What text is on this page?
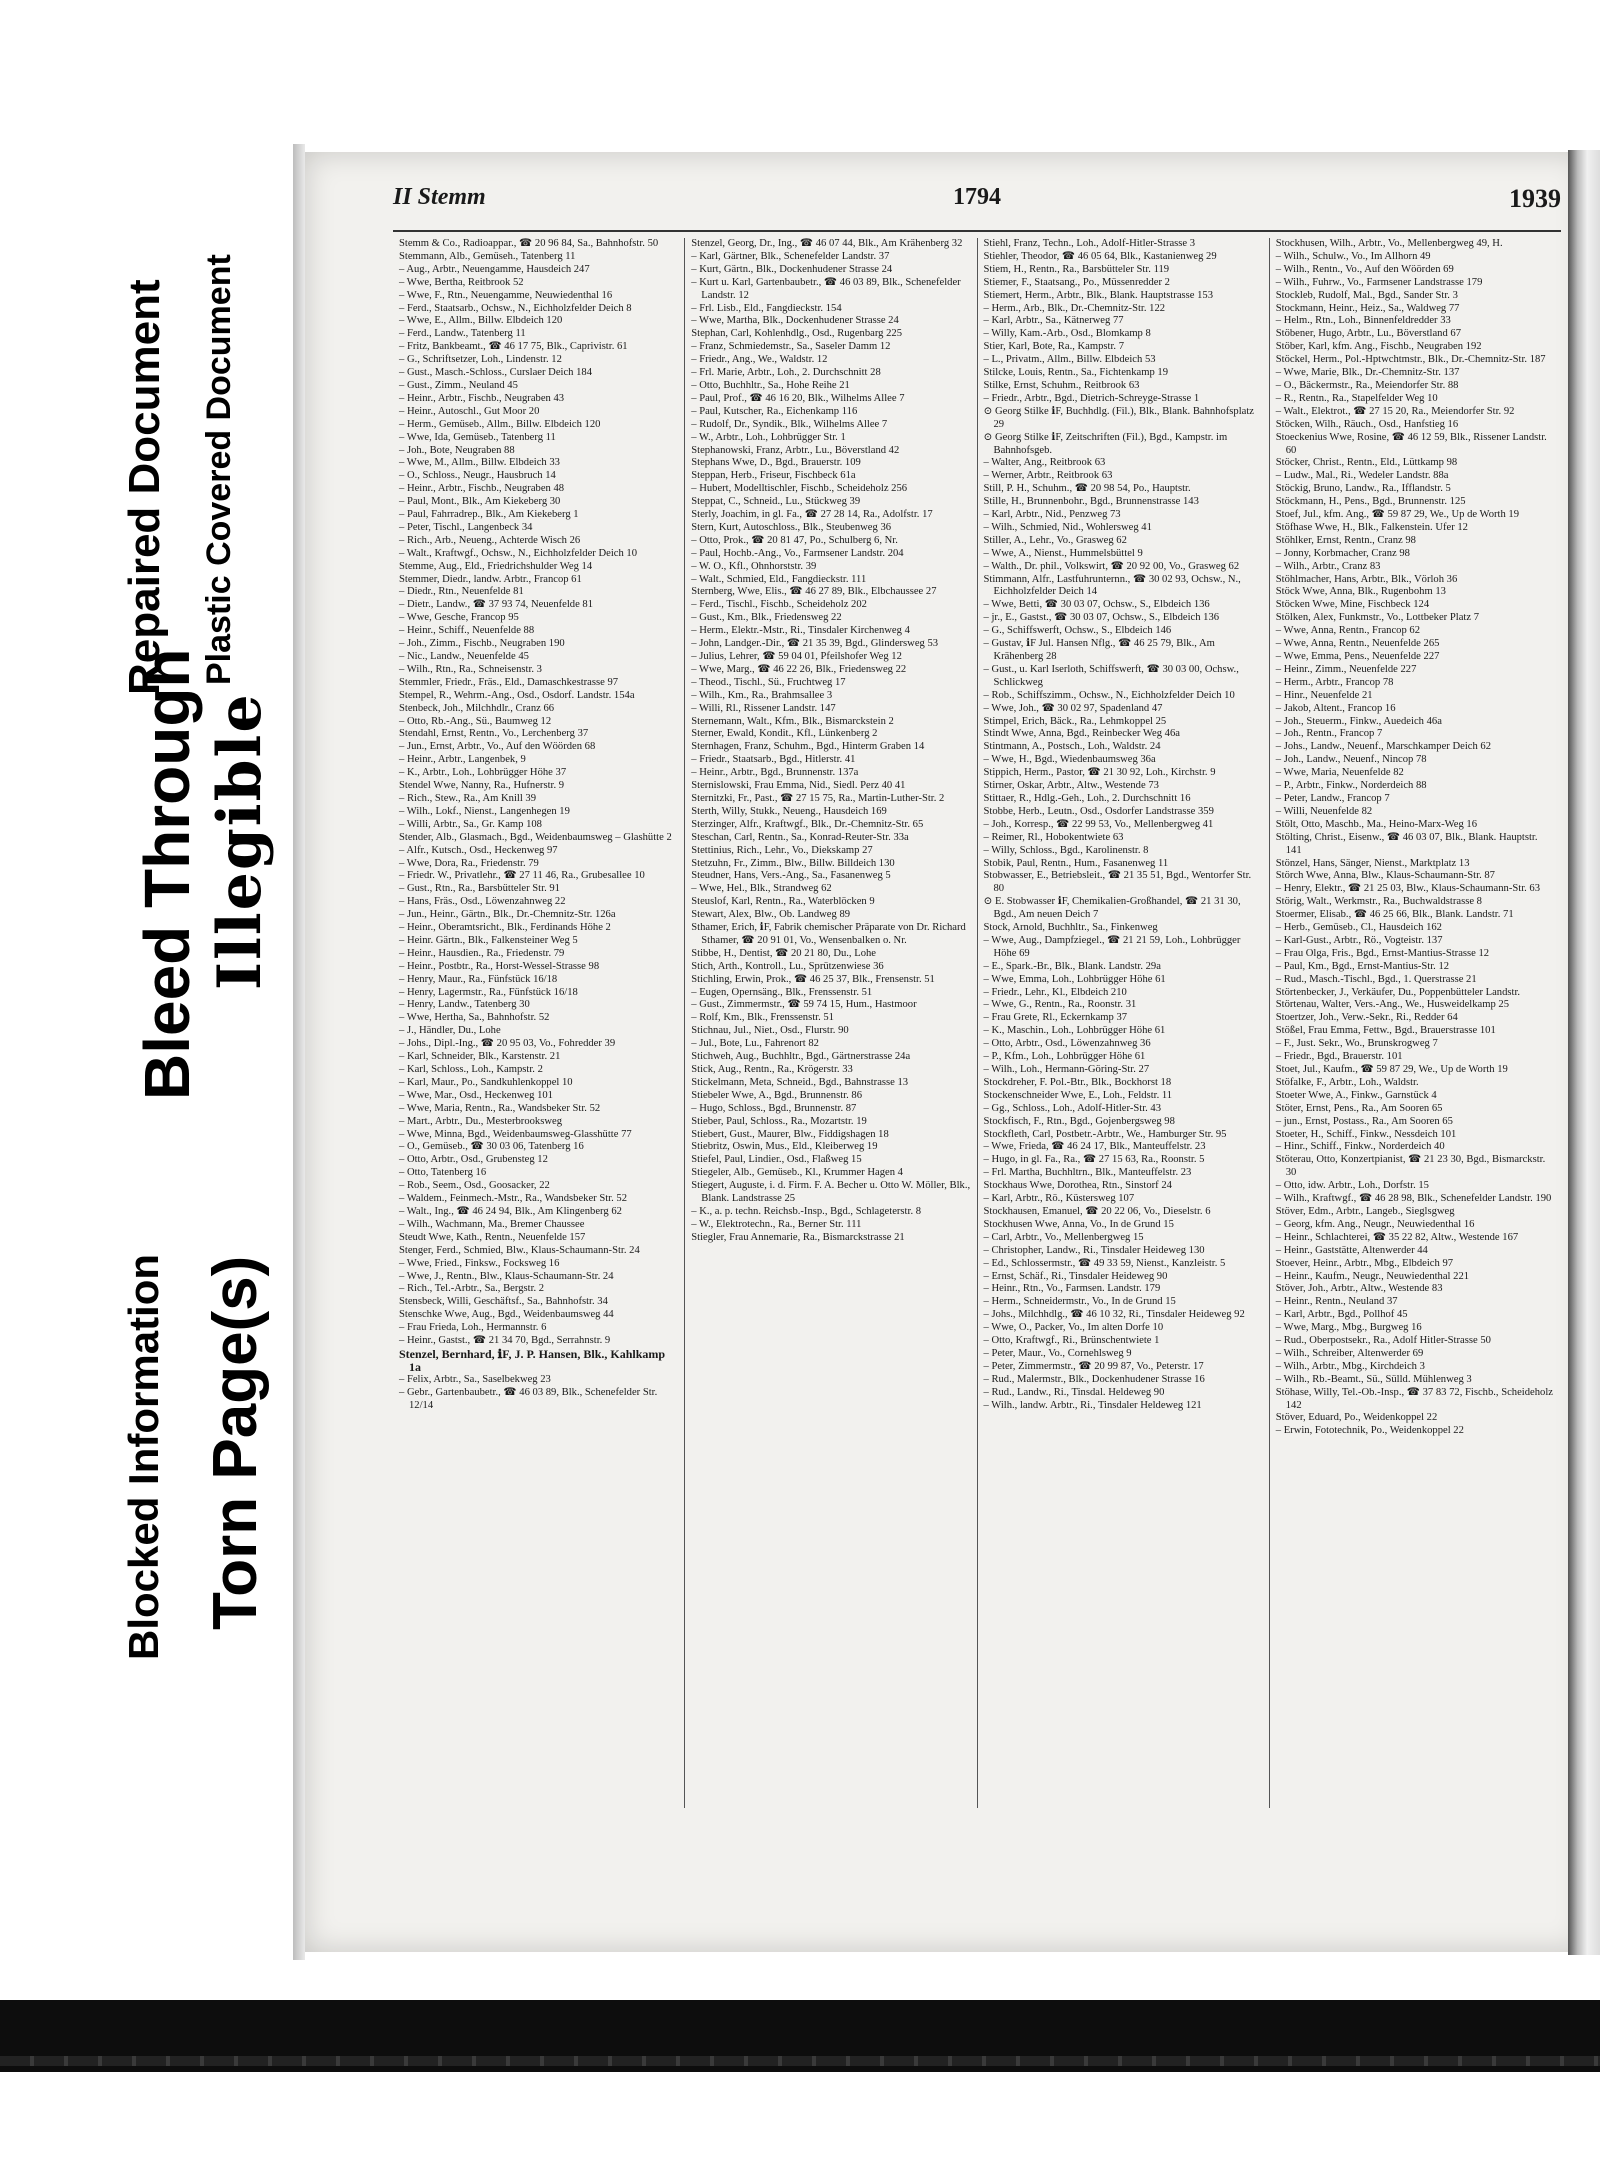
Blocked Information Torn Page(s)
Bleed Through Illegible
Repaired Document Plastic Covered Document
II Stemm	1794	1939

Stemm & Co., Radioappar., ☎ 20 96 84, Sa., Bahnhofstr. 50

Stemmann, Alb., Gemüseh., Tatenberg 11

– Aug., Arbtr., Neuengamme, Hausdeich 247

– Wwe, Bertha, Reitbrook 52

– Wwe, F., Rtn., Neuengamme, Neuwiedenthal 16

– Ferd., Staatsarb., Ochsw., N., Eichholzfelder Deich 8

– Wwe, E., Allm., Billw. Elbdeich 120

– Ferd., Landw., Tatenberg 11

– Fritz, Bankbeamt., ☎ 46 17 75, Blk., Caprivistr. 61

– G., Schriftsetzer, Loh., Lindenstr. 12

– Gust., Masch.-Schloss., Curslaer Deich 184

– Gust., Zimm., Neuland 45

– Heinr., Arbtr., Fischb., Neugraben 43

– Heinr., Autoschl., Gut Moor 20

– Herm., Gemüseb., Allm., Billw. Elbdeich 120

– Wwe, Ida, Gemüseb., Tatenberg 11

– Joh., Bote, Neugraben 88

– Wwe, M., Allm., Billw. Elbdeich 33

– O., Schloss., Neugr., Hausbruch 14

– Heinr., Arbtr., Fischb., Neugraben 48

– Paul, Mont., Blk., Am Kiekeberg 30

– Paul, Fahrradrep., Blk., Am Kiekeberg 1

– Peter, Tischl., Langenbeck 34

– Rich., Arb., Neueng., Achterde Wisch 26

– Walt., Kraftwgf., Ochsw., N., Eichholzfelder Deich 10

Stemme, Aug., Eld., Friedrichshulder Weg 14

Stemmer, Diedr., landw. Arbtr., Francop 61

– Diedr., Rtn., Neuenfelde 81

– Dietr., Landw., ☎ 37 93 74, Neuenfelde 81

– Wwe, Gesche, Francop 95

– Heinr., Schiff., Neuenfelde 88

– Joh., Zimm., Fischb., Neugraben 190

– Nic., Landw., Neuenfelde 45

– Wilh., Rtn., Ra., Schneisenstr. 3

Stemmler, Friedr., Fräs., Eld., Damaschkestrasse 97

Stempel, R., Wehrm.-Ang., Osd., Osdorf. Landstr. 154a

Stenbeck, Joh., Milchhdlr., Cranz 66

– Otto, Rb.-Ang., Sü., Baumweg 12

Stendahl, Ernst, Rentn., Vo., Lerchenberg 37

– Jun., Ernst, Arbtr., Vo., Auf den Wöörden 68

– Heinr., Arbtr., Langenbek, 9

– K., Arbtr., Loh., Lohbrügger Höhe 37

Stendel Wwe, Nanny, Ra., Hufnerstr. 9

– Rich., Stew., Ra., Am Knill 39

– Wilh., Lokf., Nienst., Langenhegen 19

– Willi, Arbtr., Sa., Gr. Kamp 108

Stender, Alb., Glasmach., Bgd., Weidenbaumsweg – Glashütte 2

– Alfr., Kutsch., Osd., Heckenweg 97

– Wwe, Dora, Ra., Friedenstr. 79

– Friedr. W., Privatlehr., ☎ 27 11 46, Ra., Grubesallee 10

– Gust., Rtn., Ra., Barsbütteler Str. 91

– Hans, Fräs., Osd., Löwenzahnweg 22

– Jun., Heinr., Gärtn., Blk., Dr.-Chemnitz-Str. 126a

– Heinr., Oberamtsricht., Blk., Ferdinands Höhe 2

– Heinr. Gärtn., Blk., Falkensteiner Weg 5

– Heinr., Hausdien., Ra., Friedenstr. 79

– Heinr., Postbtr., Ra., Horst-Wessel-Strasse 98

– Henry, Maur., Ra., Fünfstück 16/18

– Henry, Lagermstr., Ra., Fünfstück 16/18

– Henry, Landw., Tatenberg 30

– Wwe, Hertha, Sa., Bahnhofstr. 52

– J., Händler, Du., Lohe

– Johs., Dipl.-Ing., ☎ 20 95 03, Vo., Fohredder 39

– Karl, Schneider, Blk., Karstenstr. 21

– Karl, Schloss., Loh., Kampstr. 2

– Karl, Maur., Po., Sandkuhlenkoppel 10

– Wwe, Mar., Osd., Heckenweg 101

– Wwe, Maria, Rentn., Ra., Wandsbeker Str. 52

– Mart., Arbtr., Du., Mesterbrooksweg

– Wwe, Minna, Bgd., Weidenbaumsweg-Glasshütte 77

– O., Gemüseb., ☎ 30 03 06, Tatenberg 16

– Otto, Arbtr., Osd., Grubensteg 12

– Otto, Tatenberg 16

– Rob., Seem., Osd., Goosacker, 22

– Waldem., Feinmech.-Mstr., Ra., Wandsbeker Str. 52

– Walt., Ing., ☎ 46 24 94, Blk., Am Klingenberg 62

– Wilh., Wachmann, Ma., Bremer Chaussee

Steudt Wwe, Kath., Rentn., Neuenfelde 157

Stenger, Ferd., Schmied, Blw., Klaus-Schaumann-Str. 24

– Wwe, Fried., Finksw., Focksweg 16

– Wwe, J., Rentn., Blw., Klaus-Schaumann-Str. 24

– Rich., Tel.-Arbtr., Sa., Bergstr. 2

Stensbeck, Willi, Geschäftsf., Sa., Bahnhofstr. 34

Stenschke Wwe, Aug., Bgd., Weidenbaumsweg 44

– Frau Frieda, Loh., Hermannstr. 6

– Heinr., Gastst., ☎ 21 34 70, Bgd., Serrahnstr. 9

Stenzel, Bernhard, ℹF, J. P. Hansen, Blk., Kahlkamp 1a

– Felix, Arbtr., Sa., Saselbekweg 23

– Gebr., Gartenbaubetr., ☎ 46 03 89, Blk., Schenefelder Str. 12/14

Stenzel, Georg, Dr., Ing., ☎ 46 07 44, Blk., Am Krähenberg 32

– Karl, Gärtner, Blk., Schenefelder Landstr. 37

– Kurt, Gärtn., Blk., Dockenhudener Strasse 24

– Kurt u. Karl, Gartenbaubetr., ☎ 46 03 89, Blk., Schenefelder Landstr. 12

– Frl. Lisb., Eld., Fangdieckstr. 154

– Wwe, Martha, Blk., Dockenhudener Strasse 24

Stephan, Carl, Kohlenhdlg., Osd., Rugenbarg 225

– Franz, Schmiedemstr., Sa., Saseler Damm 12

– Friedr., Ang., We., Waldstr. 12

– Frl. Marie, Arbtr., Loh., 2. Durchschnitt 28

– Otto, Buchhltr., Sa., Hohe Reihe 21

– Paul, Prof., ☎ 46 16 20, Blk., Wilhelms Allee 7

– Paul, Kutscher, Ra., Eichenkamp 116

– Rudolf, Dr., Syndik., Blk., Wilhelms Allee 7

– W., Arbtr., Loh., Lohbrügger Str. 1

Stephanowski, Franz, Arbtr., Lu., Böverstland 42

Stephans Wwe, D., Bgd., Brauerstr. 109

Steppan, Herb., Friseur, Fischbeck 61a

– Hubert, Modelltischler, Fischb., Scheideholz 256

Steppat, C., Schneid., Lu., Stückweg 39

Sterly, Joachim, in gl. Fa., ☎ 27 28 14, Ra., Adolfstr. 17

Stern, Kurt, Autoschloss., Blk., Steubenweg 36

– Otto, Prok., ☎ 20 81 47, Po., Schulberg 6, Nr.

– Paul, Hochb.-Ang., Vo., Farmsener Landstr. 204

– W. O., Kfl., Ohnhorststr. 39

– Walt., Schmied, Eld., Fangdieckstr. 111

Sternberg, Wwe, Elis., ☎ 46 27 89, Blk., Elbchaussee 27

– Ferd., Tischl., Fischb., Scheideholz 202

– Gust., Km., Blk., Friedensweg 22

– Herm., Elektr.-Mstr., Ri., Tinsdaler Kirchenweg 4

– John, Landger.-Dir., ☎ 21 35 39, Bgd., Glindersweg 53

– Julius, Lehrer, ☎ 59 04 01, Pfeilshofer Weg 12

– Wwe, Marg., ☎ 46 22 26, Blk., Friedensweg 22

– Theod., Tischl., Sü., Fruchtweg 17

– Wilh., Km., Ra., Brahmsallee 3

– Willi, Rl., Rissener Landstr. 147

Sternemann, Walt., Kfm., Blk., Bismarckstein 2

Sterner, Ewald, Kondit., Kfl., Lünkenberg 2

Sternhagen, Franz, Schuhm., Bgd., Hinterm Graben 14

– Friedr., Staatsarb., Bgd., Hitlerstr. 41

– Heinr., Arbtr., Bgd., Brunnenstr. 137a

Sternislowski, Frau Emma, Nid., Siedl. Perz 40 41

Sternitzki, Fr., Past., ☎ 27 15 75, Ra., Martin-Luther-Str. 2

Sterth, Willy, Stukk., Neueng., Hausdeich 169

Sterzinger, Alfr., Kraftwgf., Blk., Dr.-Chemnitz-Str. 65

Steschan, Carl, Rentn., Sa., Konrad-Reuter-Str. 33a

Stettinius, Rich., Lehr., Vo., Diekskamp 27

Stetzuhn, Fr., Zimm., Blw., Billw. Billdeich 130

Steudner, Hans, Vers.-Ang., Sa., Fasanenweg 5

– Wwe, Hel., Blk., Strandweg 62

Steuslof, Karl, Rentn., Ra., Waterblöcken 9

Stewart, Alex, Blw., Ob. Landweg 89

Sthamer, Erich, ℹF, Fabrik chemischer Präparate von Dr. Richard Sthamer, ☎ 20 91 01, Vo., Wensenbalken o. Nr.

Stibbe, H., Dentist, ☎ 20 21 80, Du., Lohe

Stich, Arth., Kontroll., Lu., Sprützenwiese 36

Stichling, Erwin, Prok., ☎ 46 25 37, Blk., Frensenstr. 51

– Eugen, Opernsäng., Blk., Frenssenstr. 51

– Gust., Zimmermstr., ☎ 59 74 15, Hum., Hastmoor

– Rolf, Km., Blk., Frenssenstr. 51

Stichnau, Jul., Niet., Osd., Flurstr. 90

– Jul., Bote, Lu., Fahrenort 82

Stichweh, Aug., Buchhltr., Bgd., Gärtnerstrasse 24a

Stick, Aug., Rentn., Ra., Krögerstr. 33

Stickelmann, Meta, Schneid., Bgd., Bahnstrasse 13

Stiebeler Wwe, A., Bgd., Brunnenstr. 86

– Hugo, Schloss., Bgd., Brunnenstr. 87

Stieber, Paul, Schloss., Ra., Mozartstr. 19

Stiebert, Gust., Maurer, Blw., Fiddigshagen 18

Stiebritz, Oswin, Mus., Eld., Kleiberweg 19

Stiefel, Paul, Lindier., Osd., Flaßweg 15

Stiegeler, Alb., Gemüseb., Kl., Krummer Hagen 4

Stiegert, Auguste, i. d. Firm. F. A. Becher u. Otto W. Möller, Blk., Blank. Landstrasse 25

– K., a. p. techn. Reichsb.-Insp., Bgd., Schlageterstr. 8

– W., Elektrotechn., Ra., Berner Str. 111

Stiegler, Frau Annemarie, Ra., Bismarckstrasse 21

Stiehl, Franz, Techn., Loh., Adolf-Hitler-Strasse 3

Stiehler, Theodor, ☎ 46 05 64, Blk., Kastanienweg 29

Stiem, H., Rentn., Ra., Barsbütteler Str. 119

Stiemer, F., Staatsang., Po., Müssenredder 2

Stiemert, Herm., Arbtr., Blk., Blank. Hauptstrasse 153

– Herm., Arb., Blk., Dr.-Chemnitz-Str. 122

– Karl, Arbtr., Sa., Kätnerweg 77

– Willy, Kam.-Arb., Osd., Blomkamp 8

Stier, Karl, Bote, Ra., Kampstr. 7

– L., Privatm., Allm., Billw. Elbdeich 53

Stilcke, Louis, Rentn., Sa., Fichtenkamp 19

Stilke, Ernst, Schuhm., Reitbrook 63

– Friedr., Arbtr., Bgd., Dietrich-Schreyge-Strasse 1

⊙ Georg Stilke ℹF, Buchhdlg. (Fil.), Blk., Blank. Bahnhofsplatz 29

⊙ Georg Stilke ℹF, Zeitschriften (Fil.), Bgd., Kampstr. im Bahnhofsgeb.

– Walter, Ang., Reitbrook 63

– Werner, Arbtr., Reitbrook 63

Still, P. H., Schuhm., ☎ 20 98 54, Po., Hauptstr.

Stille, H., Brunnenbohr., Bgd., Brunnenstrasse 143

– Karl, Arbtr., Nid., Penzweg 73

– Wilh., Schmied, Nid., Wohlersweg 41

Stiller, A., Lehr., Vo., Grasweg 62

– Wwe, A., Nienst., Hummelsbüttel 9

– Walth., Dr. phil., Volkswirt, ☎ 20 92 00, Vo., Grasweg 62

Stimmann, Alfr., Lastfuhrunternn., ☎ 30 02 93, Ochsw., N., Eichholzfelder Deich 14

– Wwe, Betti, ☎ 30 03 07, Ochsw., S., Elbdeich 136

– jr., E., Gastst., ☎ 30 03 07, Ochsw., S., Elbdeich 136

– G., Schiffswerft, Ochsw., S., Elbdeich 146

– Gustav, ℹF Jul. Hansen Nflg., ☎ 46 25 79, Blk., Am Krähenberg 28

– Gust., u. Karl Iserloth, Schiffswerft, ☎ 30 03 00, Ochsw., Schlickweg

– Rob., Schiffszimm., Ochsw., N., Eichholzfelder Deich 10

– Wwe, Joh., ☎ 30 02 97, Spadenland 47

Stimpel, Erich, Bäck., Ra., Lehmkoppel 25

Stindt Wwe, Anna, Bgd., Reinbecker Weg 46a

Stintmann, A., Postsch., Loh., Waldstr. 24

– Wwe, H., Bgd., Wiedenbaumsweg 36a

Stippich, Herm., Pastor, ☎ 21 30 92, Loh., Kirchstr. 9

Stirner, Oskar, Arbtr., Altw., Westende 73

Stittaer, R., Hdlg.-Geh., Loh., 2. Durchschnitt 16

Stobbe, Herb., Leutn., Osd., Osdorfer Landstrasse 359

– Joh., Korresp., ☎ 22 99 53, Vo., Mellenbergweg 41

– Reimer, Rl., Hobokentwiete 63

– Willy, Schloss., Bgd., Karolinenstr. 8

Stobik, Paul, Rentn., Hum., Fasanenweg 11

Stobwasser, E., Betriebsleit., ☎ 21 35 51, Bgd., Wentorfer Str. 80

⊙ E. Stobwasser ℹF, Chemikalien-Großhandel, ☎ 21 31 30, Bgd., Am neuen Deich 7

Stock, Arnold, Buchhltr., Sa., Finkenweg

– Wwe, Aug., Dampfziegel., ☎ 21 21 59, Loh., Lohbrügger Höhe 69

– E., Spark.-Br., Blk., Blank. Landstr. 29a

– Wwe, Emma, Loh., Lohbrügger Höhe 61

– Friedr., Lehr., Kl., Elbdeich 210

– Wwe, G., Rentn., Ra., Roonstr. 31

– Frau Grete, Rl., Eckernkamp 37

– K., Maschin., Loh., Lohbrügger Höhe 61

– Otto, Arbtr., Osd., Löwenzahnweg 36

– P., Kfm., Loh., Lohbrügger Höhe 61

– Wilh., Loh., Hermann-Göring-Str. 27

Stockdreher, F. Pol.-Btr., Blk., Bockhorst 18

Stockenschneider Wwe, E., Loh., Feldstr. 11

– Gg., Schloss., Loh., Adolf-Hitler-Str. 43

Stockfisch, F., Rtn., Bgd., Gojenbergsweg 98

Stockfleth, Carl, Postbetr.-Arbtr., We., Hamburger Str. 95

– Wwe, Frieda, ☎ 46 24 17, Blk., Manteuffelstr. 23

– Hugo, in gl. Fa., Ra., ☎ 27 15 63, Ra., Roonstr. 5

– Frl. Martha, Buchhltrn., Blk., Manteuffelstr. 23

Stockhaus Wwe, Dorothea, Rtn., Sinstorf 24

– Karl, Arbtr., Rö., Küstersweg 107

Stockhausen, Emanuel, ☎ 20 22 06, Vo., Dieselstr. 6

Stockhusen Wwe, Anna, Vo., In de Grund 15

– Carl, Arbtr., Vo., Mellenbergweg 15

– Christopher, Landw., Ri., Tinsdaler Heideweg 130

– Ed., Schlossermstr., ☎ 49 33 59, Nienst., Kanzleistr. 5

– Ernst, Schäf., Ri., Tinsdaler Heideweg 90

– Heinr., Rtn., Vo., Farmsen. Landstr. 179

– Herm., Schneidermstr., Vo., In de Grund 15

– Johs., Milchhdlg., ☎ 46 10 32, Ri., Tinsdaler Heideweg 92

– Wwe, O., Packer, Vo., Im alten Dorfe 10

– Otto, Kraftwgf., Ri., Brünschentwiete 1

– Peter, Maur., Vo., Cornehlsweg 9

– Peter, Zimmermstr., ☎ 20 99 87, Vo., Peterstr. 17

– Rud., Malermstr., Blk., Dockenhudener Strasse 16

– Rud., Landw., Ri., Tinsdal. Heldeweg 90

– Wilh., landw. Arbtr., Ri., Tinsdaler Heldeweg 121

Stockhusen, Wilh., Arbtr., Vo., Mellenbergweg 49, H.

– Wilh., Schulw., Vo., Im Allhorn 49

– Wilh., Rentn., Vo., Auf den Wöörden 69

– Wilh., Fuhrw., Vo., Farmsener Landstrasse 179

Stockleb, Rudolf, Mal., Bgd., Sander Str. 3

Stockmann, Heinr., Heiz., Sa., Waldweg 77

– Helm., Rtn., Loh., Binnenfeldredder 33

Stöbener, Hugo, Arbtr., Lu., Böverstland 67

Stöber, Karl, kfm. Ang., Fischb., Neugraben 192

Stöckel, Herm., Pol.-Hptwchtmstr., Blk., Dr.-Chemnitz-Str. 187

– Wwe, Marie, Blk., Dr.-Chemnitz-Str. 137

– O., Bäckermstr., Ra., Meiendorfer Str. 88

– R., Rentn., Ra., Stapelfelder Weg 10

– Walt., Elektrot., ☎ 27 15 20, Ra., Meiendorfer Str. 92

Stöcken, Wilh., Räuch., Osd., Hanfstieg 16

Stoeckenius Wwe, Rosine, ☎ 46 12 59, Blk., Rissener Landstr. 60

Stöcker, Christ., Rentn., Eld., Lüttkamp 98

– Ludw., Mal., Ri., Wedeler Landstr. 88a

Stöckig, Bruno, Landw., Ra., Ifflandstr. 5

Stöckmann, H., Pens., Bgd., Brunnenstr. 125

Stoef, Jul., kfm. Ang., ☎ 59 87 29, We., Up de Worth 19

Stöfhase Wwe, H., Blk., Falkenstein. Ufer 12

Stöhlker, Ernst, Rentn., Cranz 98

– Jonny, Korbmacher, Cranz 98

– Wilh., Arbtr., Cranz 83

Stöhlmacher, Hans, Arbtr., Blk., Vörloh 36

Stöck Wwe, Anna, Blk., Rugenbohm 13

Stöcken Wwe, Mine, Fischbeck 124

Stölken, Alex, Funkmstr., Vo., Lottbeker Platz 7

– Wwe, Anna, Rentn., Francop 62

– Wwe, Anna, Rentn., Neuenfelde 265

– Wwe, Emma, Pens., Neuenfelde 227

– Heinr., Zimm., Neuenfelde 227

– Herm., Arbtr., Francop 78

– Hinr., Neuenfelde 21

– Jakob, Altent., Francop 16

– Joh., Steuerm., Finkw., Auedeich 46a

– Joh., Rentn., Francop 7

– Johs., Landw., Neuenf., Marschkamper Deich 62

– Joh., Landw., Neuenf., Nincop 78

– Wwe, Maria, Neuenfelde 82

– P., Arbtr., Finkw., Norderdeich 88

– Peter, Landw., Francop 7

– Willi, Neuenfelde 82

Stölt, Otto, Maschb., Ma., Heino-Marx-Weg 16

Stölting, Christ., Eisenw., ☎ 46 03 07, Blk., Blank. Hauptstr. 141

Stönzel, Hans, Sänger, Nienst., Marktplatz 13

Störch Wwe, Anna, Blw., Klaus-Schaumann-Str. 87

– Henry, Elektr., ☎ 21 25 03, Blw., Klaus-Schaumann-Str. 63

Störig, Walt., Werkmstr., Ra., Buchwaldstrasse 8

Stoermer, Elisab., ☎ 46 25 66, Blk., Blank. Landstr. 71

– Herb., Gemüseb., Cl., Hausdeich 162

– Karl-Gust., Arbtr., Rö., Vogteistr. 137

– Frau Olga, Fris., Bgd., Ernst-Mantius-Strasse 12

– Paul, Km., Bgd., Ernst-Mantius-Str. 12

– Rud., Masch.-Tischl., Bgd., 1. Querstrasse 21

Störtenbecker, J., Verkäufer, Du., Poppenbütteler Landstr.

Störtenau, Walter, Vers.-Ang., We., Husweidelkamp 25

Stoertzer, Joh., Verw.-Sekr., Ri., Redder 64

Stößel, Frau Emma, Fettw., Bgd., Brauerstrasse 101

– F., Just. Sekr., Wo., Brunskrogweg 7

– Friedr., Bgd., Brauerstr. 101

Stoet, Jul., Kaufm., ☎ 59 87 29, We., Up de Worth 19

Stöfalke, F., Arbtr., Loh., Waldstr.

Stoeter Wwe, A., Finkw., Garnstück 4

Stöter, Ernst, Pens., Ra., Am Sooren 65

– jun., Ernst, Postass., Ra., Am Sooren 65

Stoeter, H., Schiff., Finkw., Nessdeich 101

– Hinr., Schiff., Finkw., Norderdeich 40

Stöterau, Otto, Konzertpianist, ☎ 21 23 30, Bgd., Bismarckstr. 30

– Otto, idw. Arbtr., Loh., Dorfstr. 15

– Wilh., Kraftwgf., ☎ 46 28 98, Blk., Schenefelder Landstr. 190

Stöver, Edm., Arbtr., Langeb., Sieglsgweg

– Georg, kfm. Ang., Neugr., Neuwiedenthal 16

– Heinr., Schlachterei, ☎ 35 22 82, Altw., Westende 167

– Heinr., Gaststätte, Altenwerder 44

Stoever, Heinr., Arbtr., Mbg., Elbdeich 97

– Heinr., Kaufm., Neugr., Neuwiedenthal 221

Stöver, Joh., Arbtr., Altw., Westende 83

– Heinr., Rentn., Neuland 37

– Karl, Arbtr., Bgd., Pollhof 45

– Wwe, Marg., Mbg., Burgweg 16

– Rud., Oberpostsekr., Ra., Adolf Hitler-Strasse 50

– Wilh., Schreiber, Altenwerder 69

– Wilh., Arbtr., Mbg., Kirchdeich 3

– Wilh., Rb.-Beamt., Sü., Sülld. Mühlenweg 3

Stöhase, Willy, Tel.-Ob.-Insp., ☎ 37 83 72, Fischb., Scheideholz 142

Stöver, Eduard, Po., Weidenkoppel 22

– Erwin, Fototechnik, Po., Weidenkoppel 22
